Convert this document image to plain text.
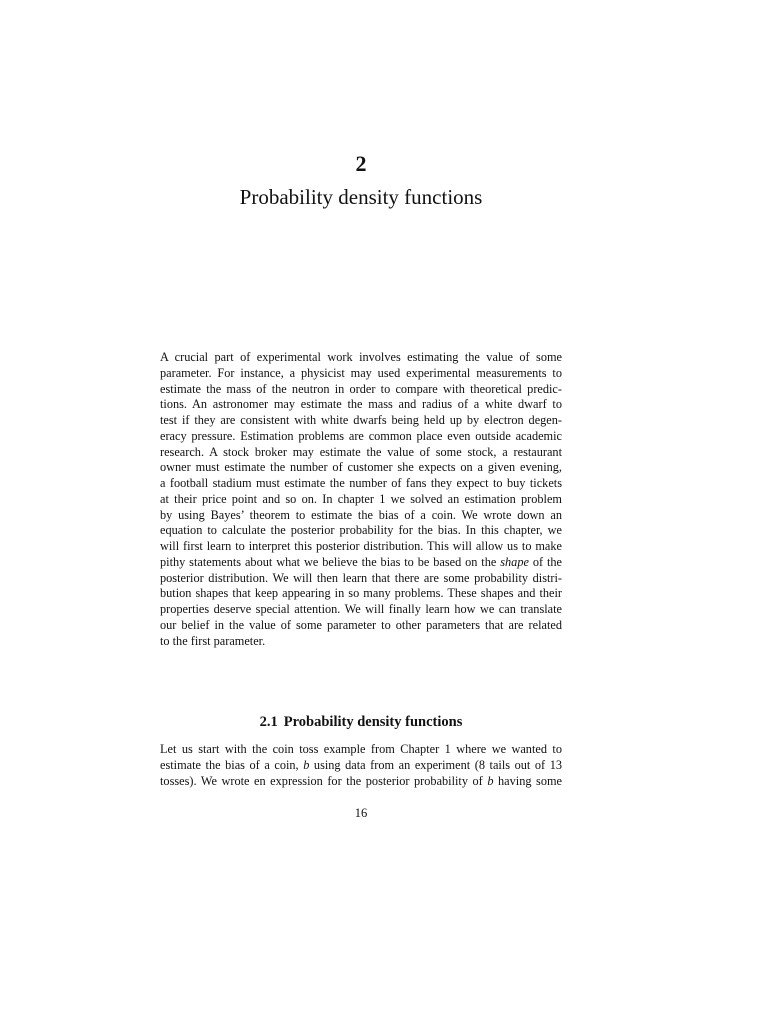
2
Probability density functions
A crucial part of experimental work involves estimating the value of some
parameter. For instance, a physicist may used experimental measurements to
estimate the mass of the neutron in order to compare with theoretical predic-
tions. An astronomer may estimate the mass and radius of a white dwarf to
test if they are consistent with white dwarfs being held up by electron degen-
eracy pressure. Estimation problems are common place even outside academic
research. A stock broker may estimate the value of some stock, a restaurant
owner must estimate the number of customer she expects on a given evening,
a football stadium must estimate the number of fans they expect to buy tickets
at their price point and so on. In chapter 1 we solved an estimation problem
by using Bayes’ theorem to estimate the bias of a coin. We wrote down an
equation to calculate the posterior probability for the bias. In this chapter, we
will first learn to interpret this posterior distribution. This will allow us to make
pithy statements about what we believe the bias to be based on the shape of the
posterior distribution. We will then learn that there are some probability distri-
bution shapes that keep appearing in so many problems. These shapes and their
properties deserve special attention. We will finally learn how we can translate
our belief in the value of some parameter to other parameters that are related
to the first parameter.
2.1 Probability density functions
Let us start with the coin toss example from Chapter 1 where we wanted to
estimate the bias of a coin, b using data from an experiment (8 tails out of 13
tosses). We wrote en expression for the posterior probability of b having some
16
